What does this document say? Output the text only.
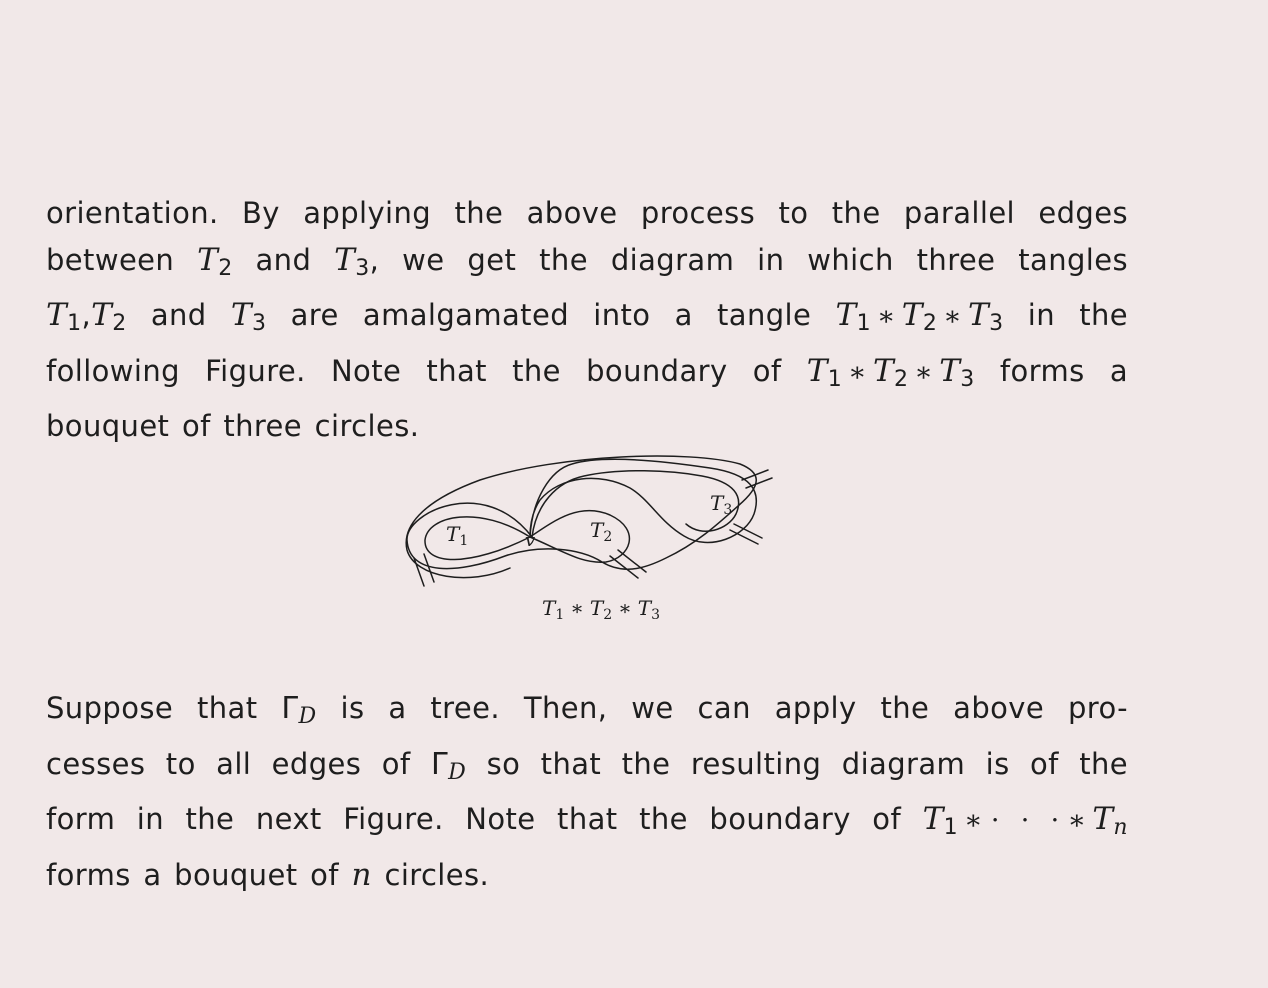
orientation. By applying the above process to the parallel edges
between T2 and T3, we get the diagram in which three tangles
T1,T2 and T3 are amalgamated into a tangle T1 ∗ T2 ∗ T3 in the
following Figure. Note that the boundary of T1 ∗ T2 ∗ T3 forms a
bouquet of three circles.
$T_1$	v	$T_2$
$T_3$
$T_1$ ∗ $T_2$ ∗ $T_3$
Suppose that ΓD is a tree. Then, we can apply the above pro-
cesses to all edges of ΓD so that the resulting diagram is of the
form in the next Figure. Note that the boundary of T1 ∗ · · · ∗ Tn
forms a bouquet of n circles.
